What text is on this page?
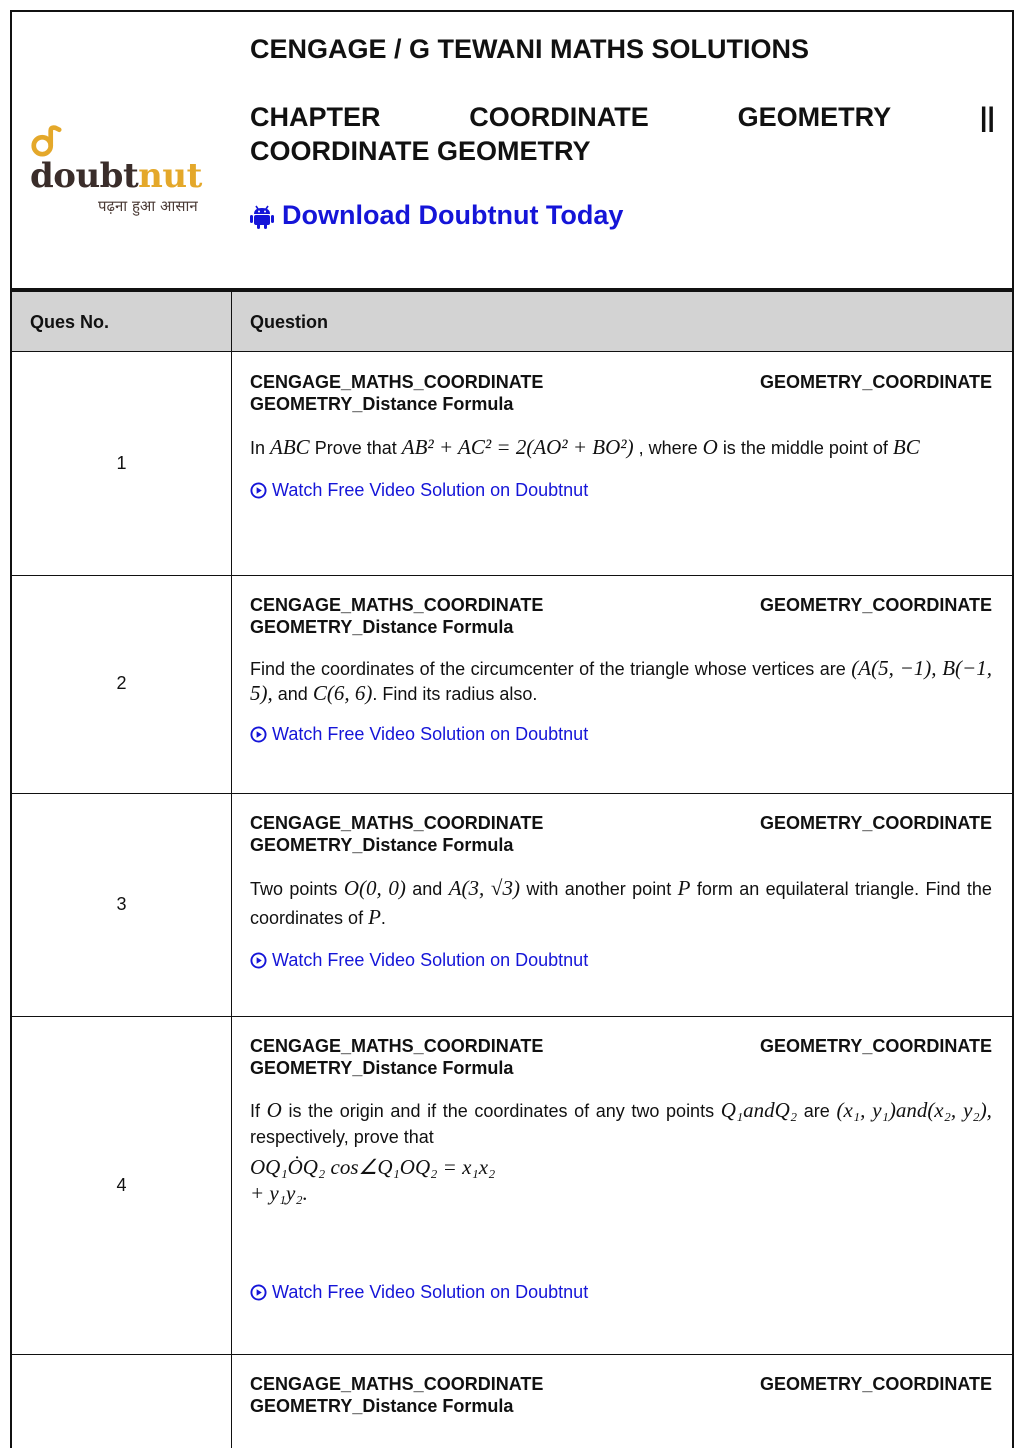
doubtnut
पढ़ना हुआ आसान
CENGAGE / G TEWANI MATHS SOLUTIONS
CHAPTER	COORDINATE	GEOMETRY	||
COORDINATE GEOMETRY
Download Doubtnut Today
Ques No.	Question
1
CENGAGE_MATHS_COORDINATE	GEOMETRY_COORDINATE
GEOMETRY_Distance Formula
In ABC Prove that AB² + AC² = 2(AO² + BO²) , where O is the middle point of BC
Watch Free Video Solution on Doubtnut
2
CENGAGE_MATHS_COORDINATE	GEOMETRY_COORDINATE
GEOMETRY_Distance Formula
Find the coordinates of the circumcenter of the triangle whose vertices are (A(5, −1), B(−1, 5), and C(6, 6). Find its radius also.
Watch Free Video Solution on Doubtnut
3
CENGAGE_MATHS_COORDINATE	GEOMETRY_COORDINATE
GEOMETRY_Distance Formula
Two points O(0, 0) and A(3, √3) with another point P form an equilateral triangle. Find the coordinates of P.
Watch Free Video Solution on Doubtnut
4
CENGAGE_MATHS_COORDINATE	GEOMETRY_COORDINATE
GEOMETRY_Distance Formula
If O is the origin and if the coordinates of any two points Q₁andQ₂ are (x₁, y₁)and(x₂, y₂), respectively, prove that
OQ₁ȮQ₂ cos∠Q₁OQ₂ = x₁x₂
+ y₁y₂.
Watch Free Video Solution on Doubtnut
CENGAGE_MATHS_COORDINATE	GEOMETRY_COORDINATE
GEOMETRY_Distance Formula
